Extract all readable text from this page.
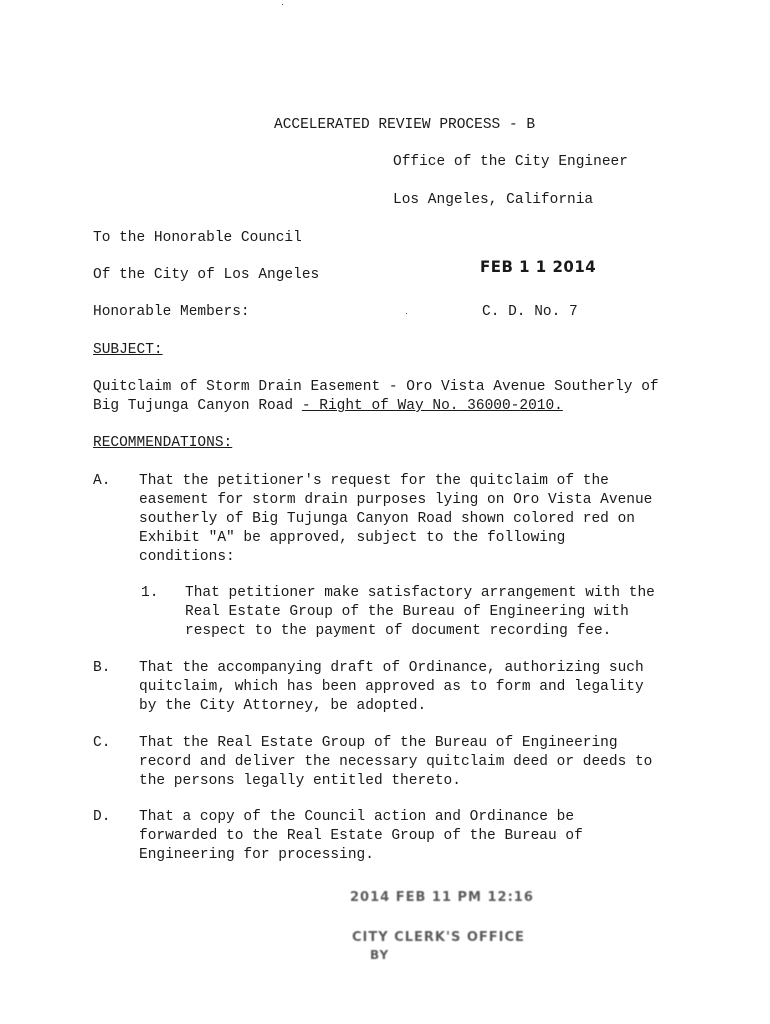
ACCELERATED REVIEW PROCESS - B
Office of the City Engineer
Los Angeles, California
To the Honorable Council
Of the City of Los Angeles	FEB 1 1 2014
Honorable Members:	C. D. No. 7
SUBJECT:
Quitclaim of Storm Drain Easement - Oro Vista Avenue Southerly of Big Tujunga Canyon Road - Right of Way No. 36000-2010.
RECOMMENDATIONS:
A. That the petitioner's request for the quitclaim of the
easement for storm drain purposes lying on Oro Vista Avenue
southerly of Big Tujunga Canyon Road shown colored red on
Exhibit "A" be approved, subject to the following
conditions:
1. That petitioner make satisfactory arrangement with the
Real Estate Group of the Bureau of Engineering with
respect to the payment of document recording fee.
B. That the accompanying draft of Ordinance, authorizing such
quitclaim, which has been approved as to form and legality
by the City Attorney, be adopted.
C. That the Real Estate Group of the Bureau of Engineering
record and deliver the necessary quitclaim deed or deeds to
the persons legally entitled thereto.
D. That a copy of the Council action and Ordinance be
forwarded to the Real Estate Group of the Bureau of
Engineering for processing.
2014 FEB 11 PM 12:16
CITY CLERK'S OFFICE
BY
